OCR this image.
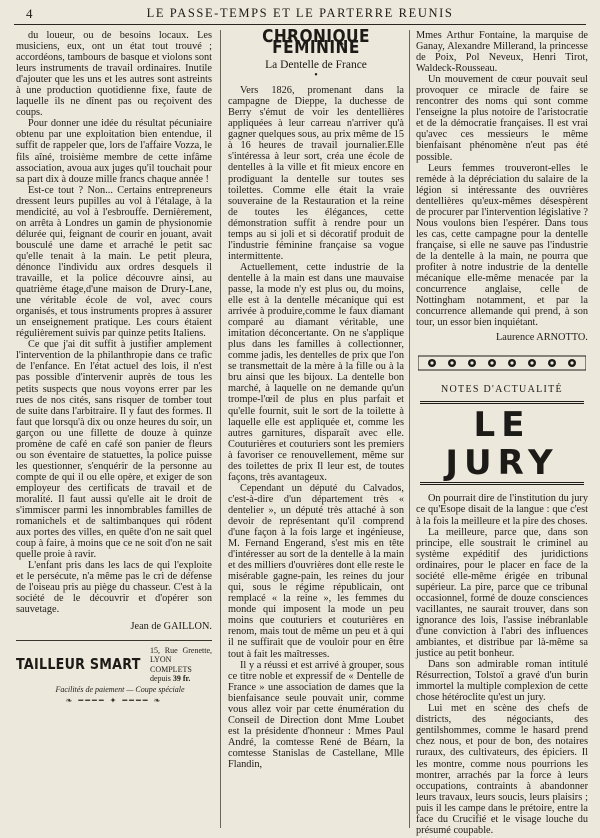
4	LE PASSE-TEMPS ET LE PARTERRE REUNIS

du loueur, ou de besoins locaux. Les musiciens, eux, ont un état tout trouvé ; accordéons, tambours de basque et violons sont leurs instruments de travail ordinaires. Inutile d'ajouter que les uns et les autres sont astreints à une production quotidienne fixe, faute de laquelle ils ne dînent pas ou reçoivent des coups.

Pour donner une idée du résultat pécuniaire obtenu par une exploitation bien entendue, il suffit de rappeler que, lors de l'affaire Vozza, le fils aîné, troisième membre de cette infâme association, avoua aux juges qu'il touchait pour sa part dix à douze mille francs chaque année !

Est-ce tout ? Non... Certains entrepreneurs dressent leurs pupilles au vol à l'étalage, à la mendicité, au vol à l'esbrouffe. Dernièrement, on arrêta à Londres un gamin de physionomie délurée qui, feignant de courir en jouant, avait bousculé une dame et arraché le petit sac qu'elle tenait à la main. Le petit pleura, dénonce l'individu aux ordres desquels il travaille, et la police découvre ainsi, au quatrième étage,d'une maison de Drury-Lane, une véritable école de vol, avec cours organisés, et tous instruments propres à assurer un enseignement pratique. Les cours étaient régulièrement suivis par quinze petits Italiens.

Ce que j'ai dit suffit à justifier amplement l'intervention de la philanthropie dans ce trafic de l'enfance. En l'état actuel des lois, il n'est pas possible d'intervenir auprès de tous les petits suspects que nous voyons errer par les rues de nos cités, sans risquer de tomber tout de suite dans l'arbitraire. Il y faut des formes. Il faut que lorsqu'à dix ou onze heures du soir, un garçon ou une fillette de douze à quinze promène de café en café son panier de fleurs ou son éventaire de statuettes, la police puisse les questionner, s'enquérir de la personne au compte de qui il ou elle opère, et exiger de son employeur des certificats de travail et de moralité. Il faut aussi qu'elle ait le droit de s'immiscer parmi les innombrables familles de romanichels et de saltimbanques qui rôdent aux portes des villes, en quête d'on ne sait quel coup à faire, à moins que ce ne soit d'on ne sait quelle proie à ravir.

L'enfant pris dans les lacs de qui l'exploite et le persécute, n'a même pas le cri de défense de l'oiseau pris au piège du chasseur. C'est à la société de le découvrir et d'opérer son sauvetage.

Jean de GAILLON.

TAILLEUR SMART
15, Rue Grenette, LYON
COMPLETS depuis 39 fr.

Facilités de paiement — Coupe spéciale

❧ ━━━━ ✦ ━━━━ ❧
CHRONIQUE FÉMININE
La Dentelle de France
•

Vers 1826, promenant dans la campagne de Dieppe, la duchesse de Berry s'émut de voir les dentellières appliquées à leur carreau n'arriver qu'à gagner quelques sous, au prix même de 15 à 16 heures de travail journalier.Elle s'intéressa à leur sort, créa une école de dentelles à la ville et fit mieux encore en prodiguant la dentelle sur toutes ses toilettes. Comme elle était la vraie souveraine de la Restauration et la reine de toutes les élégances, cette démonstration suffit à rendre pour un temps au si joli et si décoratif produit de l'industrie féminine française sa vogue intermittente.

Actuellement, cette industrie de la dentelle à la main est dans une mauvaise passe, la mode n'y est plus ou, du moins, elle est à la dentelle mécanique qui est arrivée à produire,comme le faux diamant comparé au diamant véritable, une imitation déconcertante. On ne s'applique plus dans les familles à collectionner, comme jadis, les dentelles de prix que l'on se transmettait de la mère à la fille ou à la bru ainsi que les bijoux. La dentelle bon marché, à laquelle on ne demande qu'un trompe-l'œil de plus en plus parfait et qu'elle fournit, suit le sort de la toilette à laquelle elle est appliquée et, comme les autres garnitures, disparaît avec elle. Couturières et couturiers sont les premiers à favoriser ce renouvellement, même sur des toilettes de prix Il leur est, de toutes façons, très avantageux.

Cependant un député du Calvados, c'est-à-dire d'un département très « dentelier », un député très attaché à son devoir de représentant qu'il comprend d'une façon à la fois large et ingénieuse, M. Fernand Engerand, s'est mis en tête d'intéresser au sort de la dentelle à la main et des milliers d'ouvrières dont elle reste le misérable gagne-pain, les reines du jour qui, sous le régime républicain, ont remplacé « la reine », les femmes du monde qui imposent la mode un peu moins que couturiers et couturières en renom, mais tout de même un peu et à qui il ne suffirait que de vouloir pour en être tout à fait les maîtresses.

Il y a réussi et est arrivé à grouper, sous ce titre noble et expressif de « Dentelle de France » une association de dames que la bienfaisance seule pouvait unir, comme vous allez voir par cette énumération du Conseil de Direction dont Mme Loubet est la présidente d'honneur : Mmes Paul André, la comtesse René de Béarn, la comtesse Stanislas de Castellane, Mlle Flandin,

Mmes Arthur Fontaine, la marquise de Ganay, Alexandre Millerand, la princesse de Poix, Pol Neveux, Henri Tirot, Waldeck-Rousseau.

Un mouvement de cœur pouvait seul provoquer ce miracle de faire se rencontrer des noms qui sont comme l'enseigne la plus notoire de l'aristocratie et de la démocratie françaises. Il est vrai qu'avec ces messieurs le même bienfaisant phénomène n'eut pas été possible.

Leurs femmes trouveront-elles le remède à la dépréciation du salaire de la légion si intéressante des ouvrières dentellières qu'eux-mêmes désespèrent de procurer par l'intervention législative ? Nous voulons bien l'espérer. Dans tous les cas, cette campagne pour la dentelle française, si elle ne sauve pas l'industrie de la dentelle à la main, ne pourra que profiter à notre industrie de la dentelle mécanique elle-même menacée par la concurrence anglaise, celle de Nottingham notamment, et par la concurrence allemande qui prend, à son tour, un essor bien inquiétant.

Laurence ARNOTTO.

NOTES D'ACTUALITÉ
LE JURY

On pourrait dire de l'institution du jury ce qu'Esope disait de la langue : que c'est à la fois la meilleure et la pire des choses.

La meilleure, parce que, dans son principe, elle soustrait le criminel au système expéditif des juridictions ordinaires, pour le placer en face de la société elle-même érigée en tribunal supérieur. La pire, parce que ce tribunal occasionnel, formé de douze consciences vacillantes, ne saurait trouver, dans son ignorance des lois, l'assise inébranlable d'une conviction à l'abri des influences ambiantes, et distribue par là-même sa justice au petit bonheur.

Dans son admirable roman intitulé Résurrection, Tolstoï a gravé d'un burin immortel la multiple complexion de cette chose hétéroclite qu'est un jury.

Lui met en scène des chefs de districts, des négociants, des gentilshommes, comme le hasard prend chez nous, et pour de bon, des notaires ruraux, des cultivateurs, des épiciers. Il les montre, comme nous pourrions les montrer, arrachés par la force à leurs occupations, contraints à abandonner leurs travaux, leurs soucis, leurs plaisirs ; puis il les campe dans le prétoire, entre la face du Crucifié et le visage louche du présumé coupable.
